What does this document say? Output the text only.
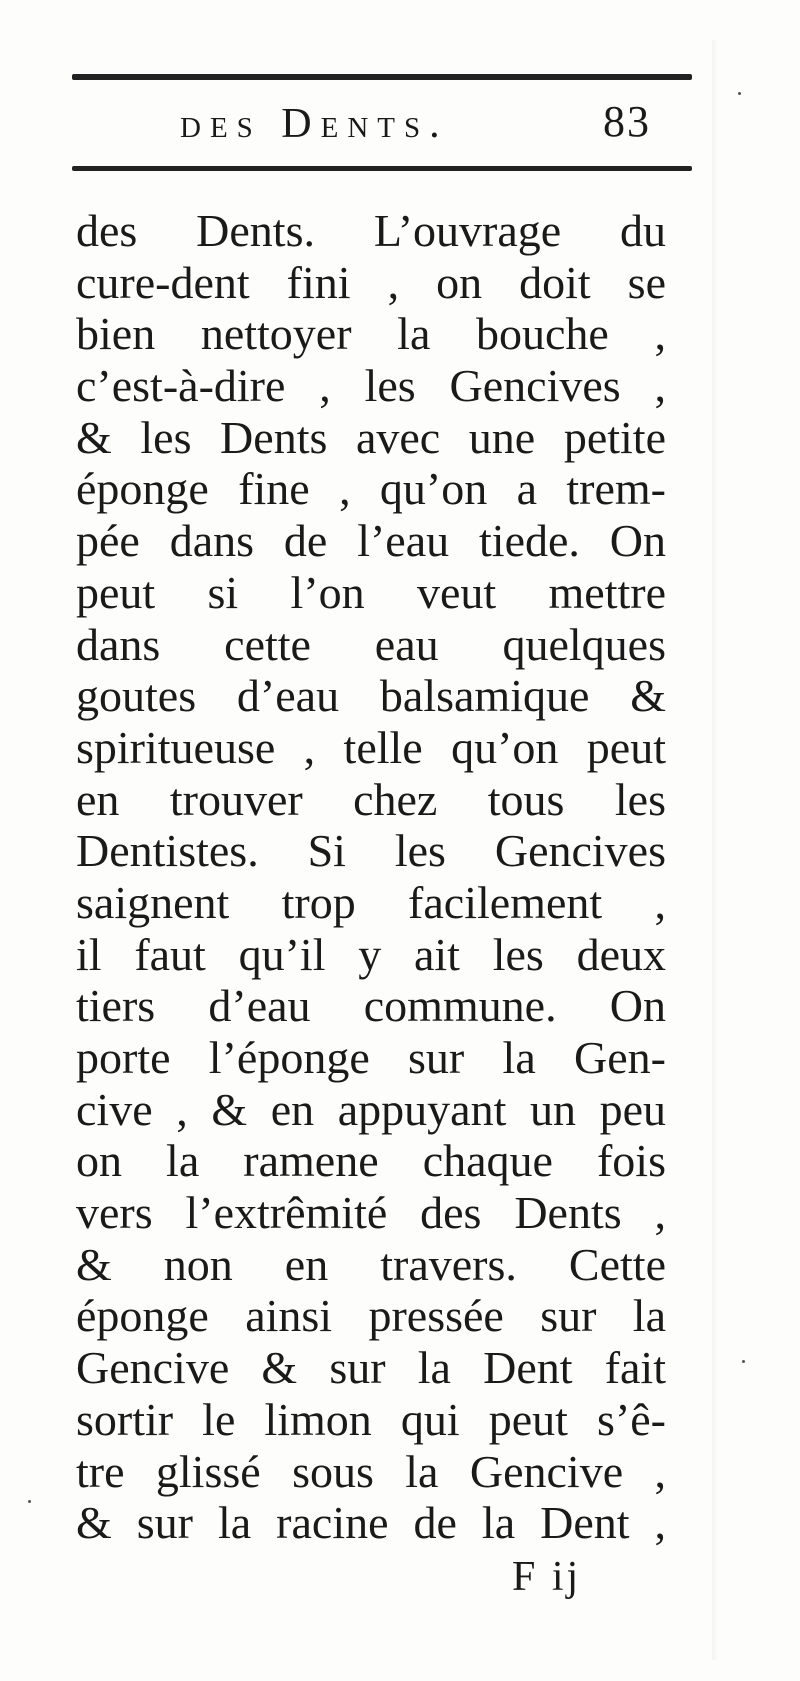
des Dents.	83
des Dents. L’ouvrage du
cure-dent fini , on doit se
bien nettoyer la bouche ,
c’est-à-dire , les Gencives ,
& les Dents avec une petite
éponge fine , qu’on a trem-
pée dans de l’eau tiede. On
peut si l’on veut mettre
dans cette eau quelques
goutes d’eau balsamique &
spiritueuse , telle qu’on peut
en trouver chez tous les
Dentistes. Si les Gencives
saignent trop facilement ,
il faut qu’il y ait les deux
tiers d’eau commune. On
porte l’éponge sur la Gen-
cive , & en appuyant un peu
on la ramene chaque fois
vers l’extrêmité des Dents ,
& non en travers. Cette
éponge ainsi pressée sur la
Gencive & sur la Dent fait
sortir le limon qui peut s’ê-
tre glissé sous la Gencive ,
& sur la racine de la Dent ,
F ij
